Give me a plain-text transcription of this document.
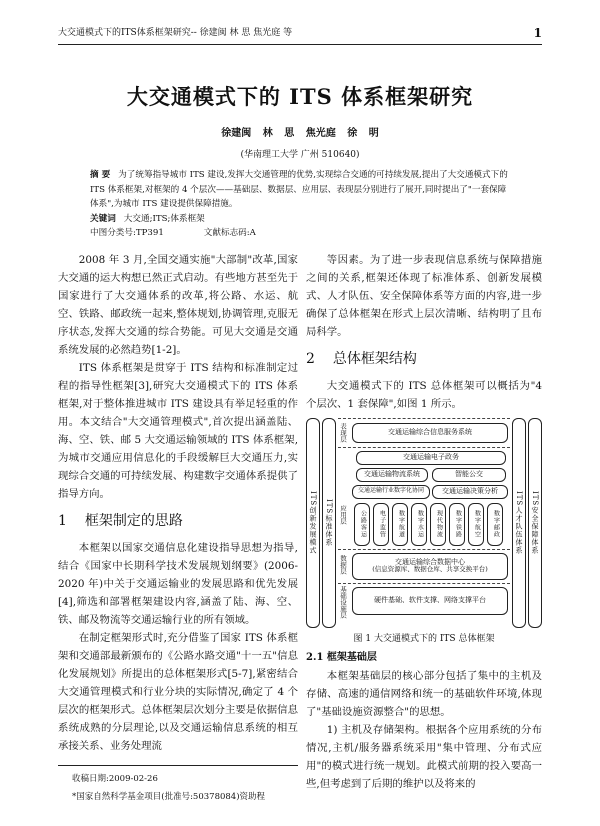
大交通模式下的ITS体系框架研究-- 徐建闽 林 思 焦光庭 等	1
大交通模式下的 ITS 体系框架研究
徐建闽 林 思 焦光庭 徐 明
(华南理工大学 广州 510640)
摘 要 为了统筹指导城市 ITS 建设,发挥大交通管理的优势,实现综合交通的可持续发展,提出了大交通模式下的 ITS 体系框架,对框架的 4 个层次——基础层、数据层、应用层、表现层分别进行了展开,同时提出了"一套保障体系",为城市 ITS 建设提供保障措施。
关键词 大交通;ITS;体系框架
中图分类号:TP391	文献标志码:A

2008 年 3 月,全国交通实施"大部制"改革,国家大交通的运大构想已然正式启动。有些地方甚至先于国家进行了大交通体系的改革,将公路、水运、航空、铁路、邮政统一起来,整体规划,协调管理,克服无序状态,发挥大交通的综合势能。可见大交通是交通系统发展的必然趋势[1-2]。

ITS 体系框架是贯穿于 ITS 结构和标准制定过程的指导性框架[3],研究大交通模式下的 ITS 体系框架,对于整体推进城市 ITS 建设具有举足轻重的作用。本文结合"大交通管理模式",首次提出涵盖陆、海、空、铁、邮 5 大交通运输领域的 ITS 体系框架,为城市交通应用信息化的手段缓解巨大交通压力,实现综合交通的可持续发展、构建数字交通体系提供了指导方向。

1 框架制定的思路

本框架以国家交通信息化建设指导思想为指导,结合《国家中长期科学技术发展规划纲要》(2006-2020 年)中关于交通运输业的发展思路和优先发展[4],筛选和部署框架建设内容,涵盖了陆、海、空、铁、邮及物流等交通运输行业的所有领域。

在制定框架形式时,充分借鉴了国家 ITS 体系框架和交通部最新颁布的《公路水路交通"十一五"信息化发展规划》所提出的总体框架形式[5-7],紧密结合大交通管理模式和行业分块的实际情况,确定了 4 个层次的框架形式。总体框架层次划分主要是依据信息系统成熟的分层理论,以及交通运输信息系统的相互承接关系、业务处理流

收稿日期:2009-02-26
*国家自然科学基金项目(批准号:50378084)资助程

等因素。为了进一步表现信息系统与保障措施之间的关系,框架还体现了标准体系、创新发展模式、人才队伍、安全保障体系等方面的内容,进一步确保了总体框架在形式上层次清晰、结构明了且布局科学。

2 总体框架结构

大交通模式下的 ITS 总体框架可以概括为"4 个层次、1 套保障",如图 1 所示。

ITS创新发展模式	ITS标准体系	ITS人才队伍体系	ITS安全保障体系
表现层
应用层
数据层
基础设施层
交通运输综合信息服务系统
交通运输电子政务
交通运输物流系统	智能公交
交通运输行业数字化协同	交通运输决策分析
公路客运	电子监管	数字航道	数字水运	现代物流	数字铁路	数字航空	数字邮政
交通运输综合数据中心
(信息资源库、数据仓库、共享交换平台)
硬件基础、软件支撑、网络支撑平台
图 1 大交通模式下的 ITS 总体框架
2.1 框架基础层

本框架基础层的核心部分包括了集中的主机及存储、高速的通信网络和统一的基础软件环境,体现了"基础设施资源整合"的思想。

1) 主机及存储架构。根据各个应用系统的分布情况,主机/服务器系统采用"集中管理、分布式应用"的模式进行统一规划。此模式前期的投入要高一些,但考虑到了后期的维护以及将来的
